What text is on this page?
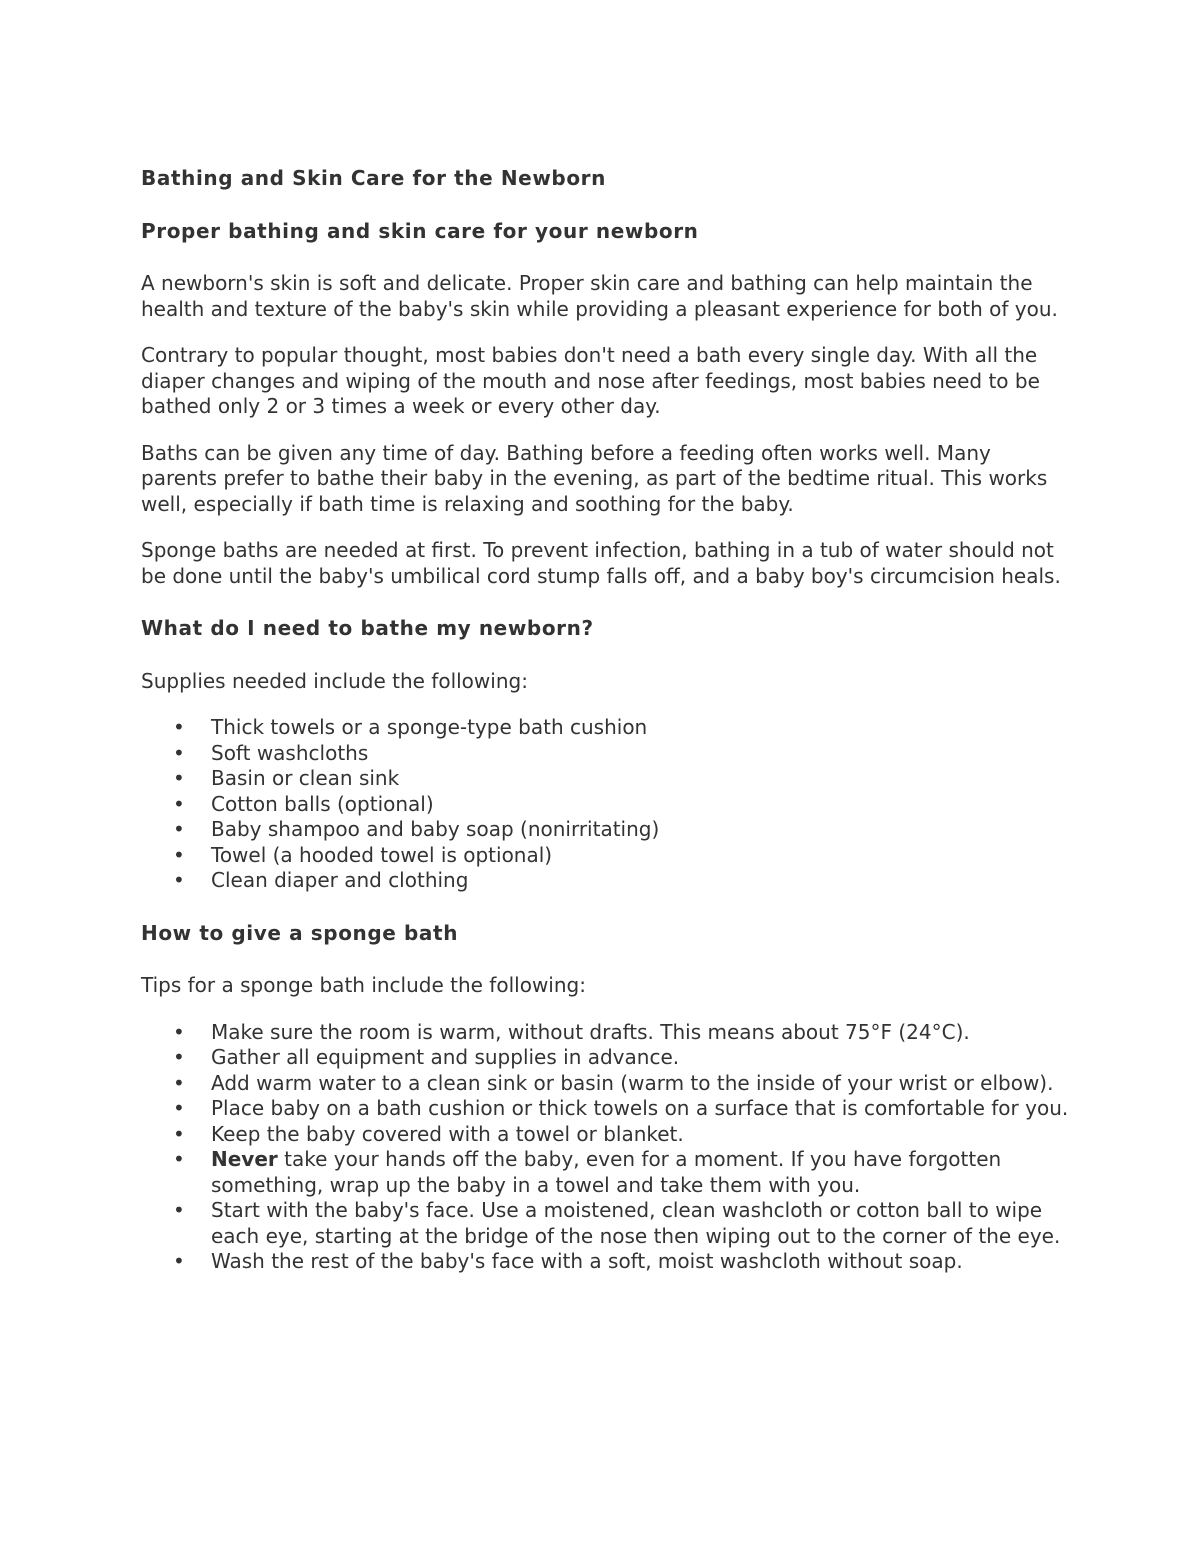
Bathing and Skin Care for the Newborn
Proper bathing and skin care for your newborn

A newborn's skin is soft and delicate. Proper skin care and bathing can help maintain the health and texture of the baby's skin while providing a pleasant experience for both of you.

Contrary to popular thought, most babies don't need a bath every single day. With all the diaper changes and wiping of the mouth and nose after feedings, most babies need to be bathed only 2 or 3 times a week or every other day.

Baths can be given any time of day. Bathing before a feeding often works well. Many parents prefer to bathe their baby in the evening, as part of the bedtime ritual. This works well, especially if bath time is relaxing and soothing for the baby.

Sponge baths are needed at first. To prevent infection, bathing in a tub of water should not be done until the baby's umbilical cord stump falls off, and a baby boy's circumcision heals.

What do I need to bathe my newborn?

Supplies needed include the following:

• Thick towels or a sponge-type bath cushion
• Soft washcloths
• Basin or clean sink
• Cotton balls (optional)
• Baby shampoo and baby soap (nonirritating)
• Towel (a hooded towel is optional)
• Clean diaper and clothing
How to give a sponge bath

Tips for a sponge bath include the following:

• Make sure the room is warm, without drafts. This means about 75°F (24°C).
• Gather all equipment and supplies in advance.
• Add warm water to a clean sink or basin (warm to the inside of your wrist or elbow).
• Place baby on a bath cushion or thick towels on a surface that is comfortable for you.
• Keep the baby covered with a towel or blanket.
• Never take your hands off the baby, even for a moment. If you have forgotten something, wrap up the baby in a towel and take them with you.
• Start with the baby's face. Use a moistened, clean washcloth or cotton ball to wipe each eye, starting at the bridge of the nose then wiping out to the corner of the eye.
• Wash the rest of the baby's face with a soft, moist washcloth without soap.
